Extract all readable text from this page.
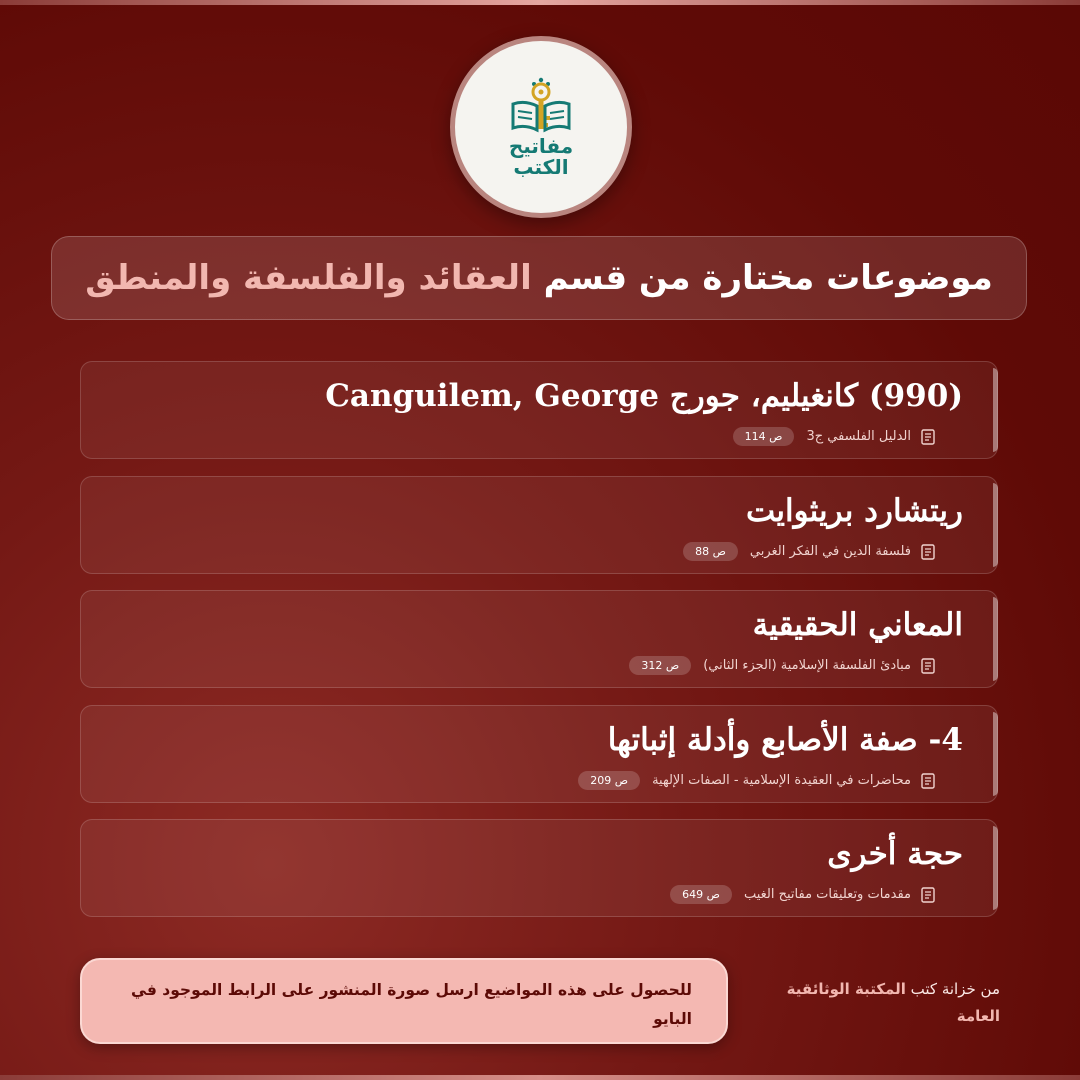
مفاتيح
الكتب
موضوعات مختارة من قسم العقائد والفلسفة والمنطق
(990) كانغيليم، جورج Canguilem, George
الدليل الفلسفي ج3
ص 114
ريتشارد بريثوايت
فلسفة الدين في الفكر الغربي
ص 88
المعاني الحقيقية
مبادئ الفلسفة الإسلامية (الجزء الثاني)
ص 312
4- صفة الأصابع وأدلة إثباتها
محاضرات في العقيدة الإسلامية - الصفات الإلهية
ص 209
حجة أخرى
مقدمات وتعليقات مفاتيح الغيب
ص 649
من خزانة كتب المكتبة الوثائقية العامة
للحصول على هذه المواضيع ارسل صورة المنشور على الرابط الموجود في البايو
